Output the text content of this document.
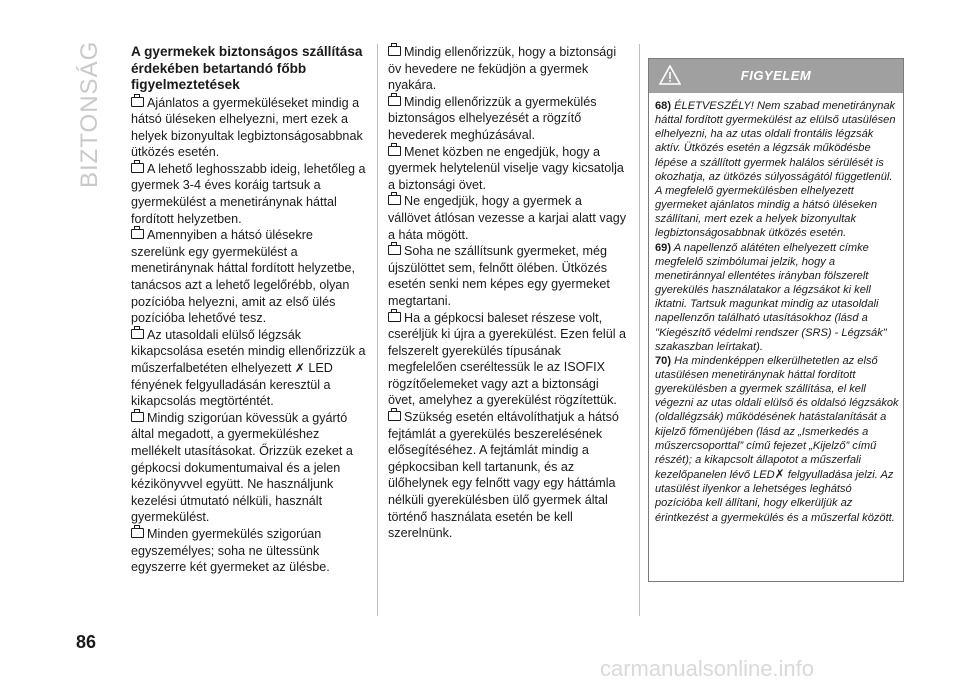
BIZTONSÁG A gyermekek biztonságos szállítása érdekében betartandó főbb figyelmeztetések

Ajánlatos a gyermeküléseket mindig a hátsó üléseken elhelyezni, mert ezek a helyek bizonyultak legbiztonságosabbnak ütközés esetén.

A lehető leghosszabb ideig, lehetőleg a gyermek 3-4 éves koráig tartsuk a gyermekülést a menetiránynak háttal fordított helyzetben.

Amennyiben a hátsó ülésekre szerelünk egy gyermekülést a menetiránynak háttal fordított helyzetbe, tanácsos azt a lehető legelőrébb, olyan pozícióba helyezni, amit az első ülés pozícióba lehetővé tesz.

Az utasoldali elülső légzsák kikapcsolása esetén mindig ellenőrizzük a műszerfalbetéten elhelyezett ✗ LED fényének felgyulladásán keresztül a kikapcsolás megtörténtét.

Mindig szigorúan kövessük a gyártó által megadott, a gyermeküléshez mellékelt utasításokat. Őrizzük ezeket a gépkocsi dokumentumaival és a jelen kézikönyvvel együtt. Ne használjunk kezelési útmutató nélküli, használt gyermekülést.

Minden gyermekülés szigorúan egyszemélyes; soha ne ültessünk egyszerre két gyermeket az ülésbe.

Mindig ellenőrizzük, hogy a biztonsági öv hevedere ne feküdjön a gyermek nyakára.

Mindig ellenőrizzük a gyermekülés biztonságos elhelyezését a rögzítő hevederek meghúzásával.

Menet közben ne engedjük, hogy a gyermek helytelenül viselje vagy kicsatolja a biztonsági övet.

Ne engedjük, hogy a gyermek a vállövet átlósan vezesse a karjai alatt vagy a háta mögött.

Soha ne szállítsunk gyermeket, még újszülöttet sem, felnőtt ölében. Ütközés esetén senki nem képes egy gyermeket megtartani.

Ha a gépkocsi baleset részese volt, cseréljük ki újra a gyerekülést. Ezen felül a felszerelt gyerekülés típusának megfelelően cseréltessük le az ISOFIX rögzítőelemeket vagy azt a biztonsági övet, amelyhez a gyerekülést rögzítettük.

Szükség esetén eltávolíthatjuk a hátsó fejtámlát a gyerekülés beszerelésének elősegítéséhez. A fejtámlát mindig a gépkocsiban kell tartanunk, és az ülőhelynek egy felnőtt vagy egy háttámla nélküli gyerekülésben ülő gyermek által történő használata esetén be kell szerelnünk.

FIGYELEM

68) ÉLETVESZÉLY! Nem szabad menetiránynak háttal fordított gyermekülést az elülső utasülésen elhelyezni, ha az utas oldali frontális légzsák aktív. Ütközés esetén a légzsák működésbe lépése a szállított gyermek halálos sérülését is okozhatja, az ütközés súlyosságától függetlenül. A megfelelő gyermekülésben elhelyezett gyermeket ajánlatos mindig a hátsó üléseken szállítani, mert ezek a helyek bizonyultak legbiztonságosabbnak ütközés esetén.

69) A napellenző alátéten elhelyezett címke megfelelő szimbólumai jelzik, hogy a menetiránnyal ellentétes irányban fölszerelt gyerekülés használatakor a légzsákot ki kell iktatni. Tartsuk magunkat mindig az utasoldali napellenzőn található utasításokhoz (lásd a "Kiegészítő védelmi rendszer (SRS) - Légzsák" szakaszban leírtakat).

70) Ha mindenképpen elkerülhetetlen az első utasülésen menetiránynak háttal fordított gyerekülésben a gyermek szállítása, el kell végezni az utas oldali elülső és oldalsó légzsákok (oldallégzsák) működésének hatástalanítását a kijelző főmenüjében (lásd az „Ismerkedés a műszercsoporttal” című fejezet „Kijelző” című részét); a kikapcsolt állapotot a műszerfali kezelőpanelen lévő LED✗ felgyulladása jelzi. Az utasülést ilyenkor a lehetséges leghátsó pozícióba kell állítani, hogy elkerüljük az érintkezést a gyermekülés és a műszerfal között.

86
carmanualsonline.info
